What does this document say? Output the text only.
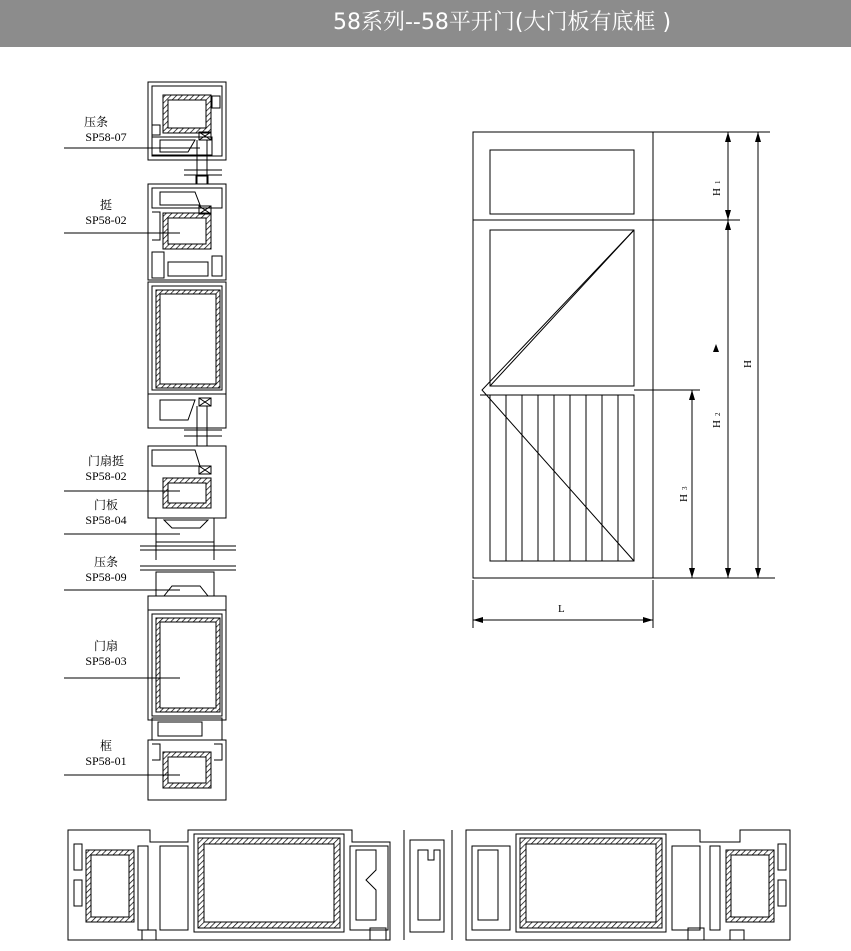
58系列--58平开门(大门板有底框 )
压条
SP58-07
挺
SP58-02
门扇挺
SP58-02
门板
SP58-04
压条
SP58-09
门扇
SP58-03
框
SP58-01
H
1
H
2
H
3
H
L
